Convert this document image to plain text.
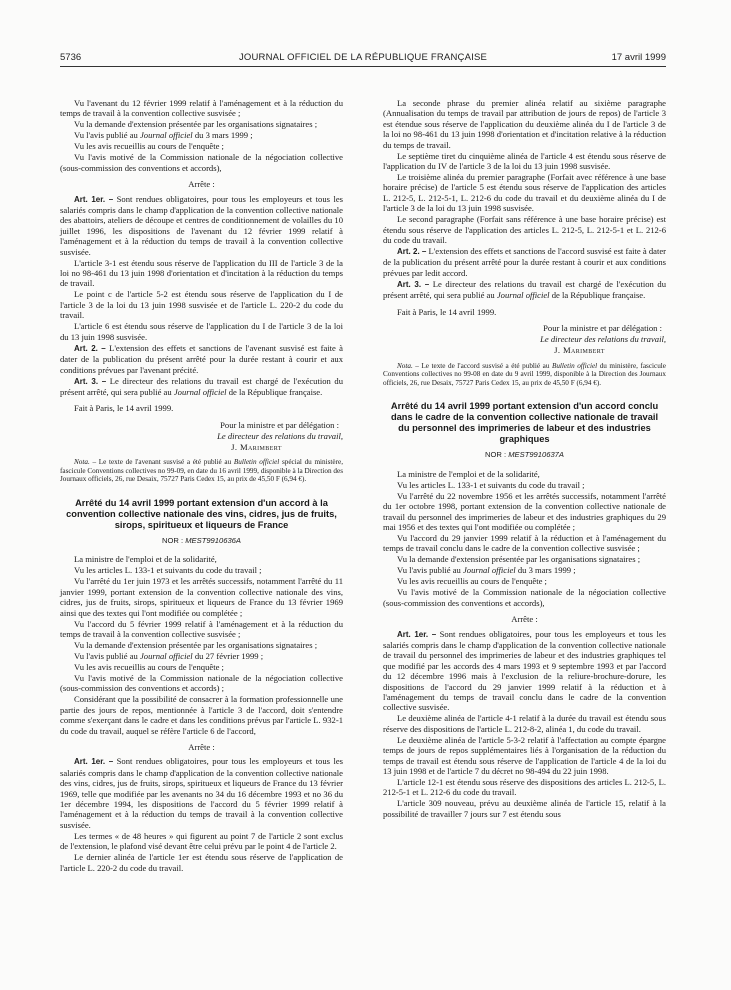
5736	JOURNAL OFFICIEL DE LA RÉPUBLIQUE FRANÇAISE	17 avril 1999

Vu l'avenant du 12 février 1999 relatif à l'aménagement et à la réduction du temps de travail à la convention collective susvisée ;

Vu la demande d'extension présentée par les organisations signataires ;

Vu l'avis publié au Journal officiel du 3 mars 1999 ;

Vu les avis recueillis au cours de l'enquête ;

Vu l'avis motivé de la Commission nationale de la négociation collective (sous-commission des conventions et accords),

Arrête :

Art. 1er. – Sont rendues obligatoires, pour tous les employeurs et tous les salariés compris dans le champ d'application de la convention collective nationale des abattoirs, ateliers de découpe et centres de conditionnement de volailles du 10 juillet 1996, les dispositions de l'avenant du 12 février 1999 relatif à l'aménagement et à la réduction du temps de travail à la convention collective susvisée.

L'article 3-1 est étendu sous réserve de l'application du III de l'article 3 de la loi no 98-461 du 13 juin 1998 d'orientation et d'incitation à la réduction du temps de travail.

Le point c de l'article 5-2 est étendu sous réserve de l'application du I de l'article 3 de la loi du 13 juin 1998 susvisée et de l'article L. 220-2 du code du travail.

L'article 6 est étendu sous réserve de l'application du I de l'article 3 de la loi du 13 juin 1998 susvisée.

Art. 2. – L'extension des effets et sanctions de l'avenant susvisé est faite à dater de la publication du présent arrêté pour la durée restant à courir et aux conditions prévues par l'avenant précité.

Art. 3. – Le directeur des relations du travail est chargé de l'exécution du présent arrêté, qui sera publié au Journal officiel de la République française.

Fait à Paris, le 14 avril 1999.

Pour la ministre et par délégation :

Le directeur des relations du travail,

J. Marimbert

Nota. – Le texte de l'avenant susvisé a été publié au Bulletin officiel spécial du ministère, fascicule Conventions collectives no 99-09, en date du 16 avril 1999, disponible à la Direction des Journaux officiels, 26, rue Desaix, 75727 Paris Cedex 15, au prix de 45,50 F (6,94 €).

Arrêté du 14 avril 1999 portant extension d'un accord à la convention collective nationale des vins, cidres, jus de fruits, sirops, spiritueux et liqueurs de France
NOR : MEST9910636A

La ministre de l'emploi et de la solidarité,

Vu les articles L. 133-1 et suivants du code du travail ;

Vu l'arrêté du 1er juin 1973 et les arrêtés successifs, notamment l'arrêté du 11 janvier 1999, portant extension de la convention collective nationale des vins, cidres, jus de fruits, sirops, spiritueux et liqueurs de France du 13 février 1969 ainsi que des textes qui l'ont modifiée ou complétée ;

Vu l'accord du 5 février 1999 relatif à l'aménagement et à la réduction du temps de travail à la convention collective susvisée ;

Vu la demande d'extension présentée par les organisations signataires ;

Vu l'avis publié au Journal officiel du 27 février 1999 ;

Vu les avis recueillis au cours de l'enquête ;

Vu l'avis motivé de la Commission nationale de la négociation collective (sous-commission des conventions et accords) ;

Considérant que la possibilité de consacrer à la formation professionnelle une partie des jours de repos, mentionnée à l'article 3 de l'accord, doit s'entendre comme s'exerçant dans le cadre et dans les conditions prévus par l'article L. 932-1 du code du travail, auquel se réfère l'article 6 de l'accord,

Arrête :

Art. 1er. – Sont rendues obligatoires, pour tous les employeurs et tous les salariés compris dans le champ d'application de la convention collective nationale des vins, cidres, jus de fruits, sirops, spiritueux et liqueurs de France du 13 février 1969, telle que modifiée par les avenants no 34 du 16 décembre 1993 et no 36 du 1er décembre 1994, les dispositions de l'accord du 5 février 1999 relatif à l'aménagement et à la réduction du temps de travail à la convention collective susvisée.

Les termes « de 48 heures » qui figurent au point 7 de l'article 2 sont exclus de l'extension, le plafond visé devant être celui prévu par le point 4 de l'article 2.

Le dernier alinéa de l'article 1er est étendu sous réserve de l'application de l'article L. 220-2 du code du travail.

La seconde phrase du premier alinéa relatif au sixième paragraphe (Annualisation du temps de travail par attribution de jours de repos) de l'article 3 est étendue sous réserve de l'application du deuxième alinéa du I de l'article 3 de la loi no 98-461 du 13 juin 1998 d'orientation et d'incitation relative à la réduction du temps de travail.

Le septième tiret du cinquième alinéa de l'article 4 est étendu sous réserve de l'application du IV de l'article 3 de la loi du 13 juin 1998 susvisée.

Le troisième alinéa du premier paragraphe (Forfait avec référence à une base horaire précise) de l'article 5 est étendu sous réserve de l'application des articles L. 212-5, L. 212-5-1, L. 212-6 du code du travail et du deuxième alinéa du I de l'article 3 de la loi du 13 juin 1998 susvisée.

Le second paragraphe (Forfait sans référence à une base horaire précise) est étendu sous réserve de l'application des articles L. 212-5, L. 212-5-1 et L. 212-6 du code du travail.

Art. 2. – L'extension des effets et sanctions de l'accord susvisé est faite à dater de la publication du présent arrêté pour la durée restant à courir et aux conditions prévues par ledit accord.

Art. 3. – Le directeur des relations du travail est chargé de l'exécution du présent arrêté, qui sera publié au Journal officiel de la République française.

Fait à Paris, le 14 avril 1999.

Pour la ministre et par délégation :

Le directeur des relations du travail,

J. Marimbert

Nota. – Le texte de l'accord susvisé a été publié au Bulletin officiel du ministère, fascicule Conventions collectives no 99-08 en date du 9 avril 1999, disponible à la Direction des Journaux officiels, 26, rue Desaix, 75727 Paris Cedex 15, au prix de 45,50 F (6,94 €).

Arrêté du 14 avril 1999 portant extension d'un accord conclu dans le cadre de la convention collective nationale de travail du personnel des imprimeries de labeur et des industries graphiques
NOR : MEST9910637A

La ministre de l'emploi et de la solidarité,

Vu les articles L. 133-1 et suivants du code du travail ;

Vu l'arrêté du 22 novembre 1956 et les arrêtés successifs, notamment l'arrêté du 1er octobre 1998, portant extension de la convention collective nationale de travail du personnel des imprimeries de labeur et des industries graphiques du 29 mai 1956 et des textes qui l'ont modifiée ou complétée ;

Vu l'accord du 29 janvier 1999 relatif à la réduction et à l'aménagement du temps de travail conclu dans le cadre de la convention collective susvisée ;

Vu la demande d'extension présentée par les organisations signataires ;

Vu l'avis publié au Journal officiel du 3 mars 1999 ;

Vu les avis recueillis au cours de l'enquête ;

Vu l'avis motivé de la Commission nationale de la négociation collective (sous-commission des conventions et accords),

Arrête :

Art. 1er. – Sont rendues obligatoires, pour tous les employeurs et tous les salariés compris dans le champ d'application de la convention collective nationale de travail du personnel des imprimeries de labeur et des industries graphiques tel que modifié par les accords des 4 mars 1993 et 9 septembre 1993 et par l'accord du 12 décembre 1996 mais à l'exclusion de la reliure-brochure-dorure, les dispositions de l'accord du 29 janvier 1999 relatif à la réduction et à l'aménagement du temps de travail conclu dans le cadre de la convention collective susvisée.

Le deuxième alinéa de l'article 4-1 relatif à la durée du travail est étendu sous réserve des dispositions de l'article L. 212-8-2, alinéa 1, du code du travail.

Le deuxième alinéa de l'article 5-3-2 relatif à l'affectation au compte épargne temps de jours de repos supplémentaires liés à l'organisation de la réduction du temps de travail est étendu sous réserve de l'application de l'article 4 de la loi du 13 juin 1998 et de l'article 7 du décret no 98-494 du 22 juin 1998.

L'article 12-1 est étendu sous réserve des dispositions des articles L. 212-5, L. 212-5-1 et L. 212-6 du code du travail.

L'article 309 nouveau, prévu au deuxième alinéa de l'article 15, relatif à la possibilité de travailler 7 jours sur 7 est étendu sous
